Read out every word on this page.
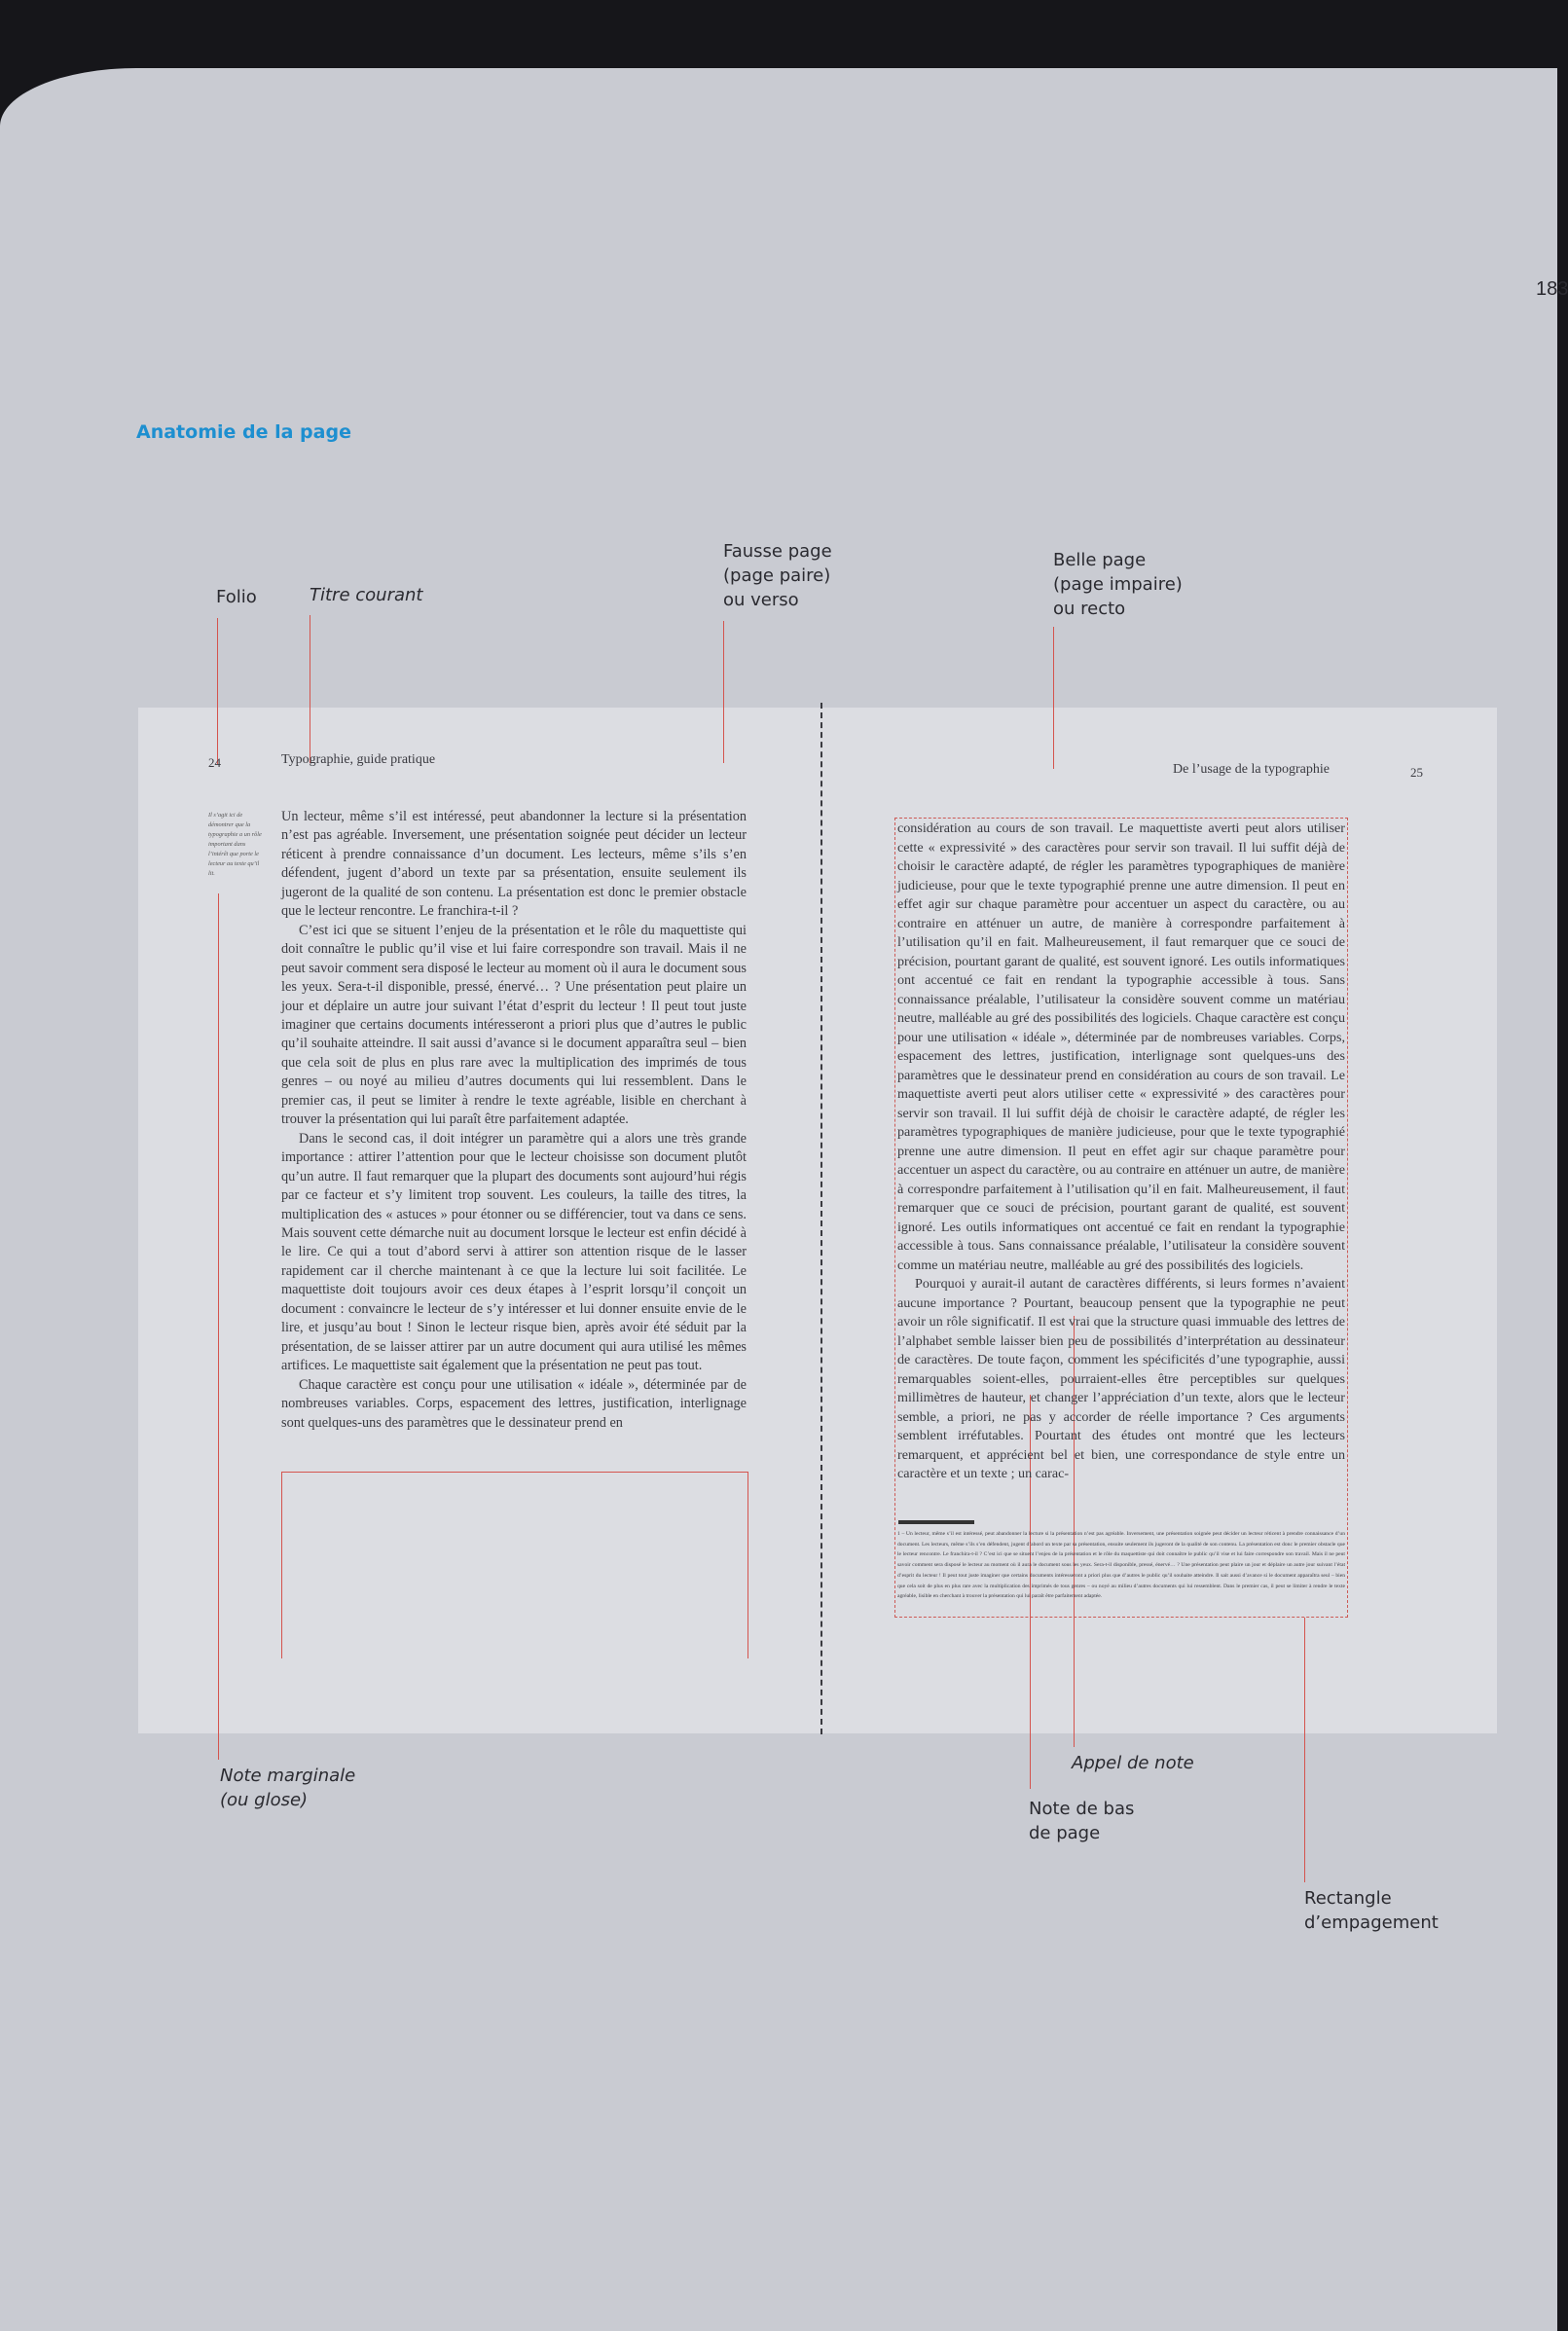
183
Anatomie de la page
Folio	Titre courant
Fausse page
(page paire)
ou verso
Belle page
(page impaire)
ou recto
Note marginale
(ou glose)
Appel de note
Note de bas
de page
Rectangle
d’empagement
24	Typographie, guide pratique
Il s’agit ici de démontrer que la typographie a un rôle important dans l’intérêt que porte le lecteur au texte qu’il lit.

Un lecteur, même s’il est intéressé, peut abandonner la lecture si la présentation n’est pas agréable. Inversement, une présentation soignée peut décider un lecteur réticent à prendre connaissance d’un document. Les lecteurs, même s’ils s’en défendent, jugent d’abord un texte par sa présentation, ensuite seulement ils jugeront de la qualité de son contenu. La présentation est donc le premier obstacle que le lecteur rencontre. Le franchira-t-il ?

C’est ici que se situent l’enjeu de la présentation et le rôle du maquettiste qui doit connaître le public qu’il vise et lui faire correspondre son travail. Mais il ne peut savoir comment sera disposé le lecteur au moment où il aura le document sous les yeux. Sera-t-il disponible, pressé, énervé… ? Une présentation peut plaire un jour et déplaire un autre jour suivant l’état d’esprit du lecteur ! Il peut tout juste imaginer que certains documents intéresseront a priori plus que d’autres le public qu’il souhaite atteindre. Il sait aussi d’avance si le document apparaîtra seul – bien que cela soit de plus en plus rare avec la multiplication des imprimés de tous genres – ou noyé au milieu d’autres documents qui lui ressemblent. Dans le premier cas, il peut se limiter à rendre le texte agréable, lisible en cherchant à trouver la présentation qui lui paraît être parfaitement adaptée.

Dans le second cas, il doit intégrer un paramètre qui a alors une très grande importance : attirer l’attention pour que le lecteur choisisse son document plutôt qu’un autre. Il faut remarquer que la plupart des documents sont aujourd’hui régis par ce facteur et s’y limitent trop souvent. Les couleurs, la taille des titres, la multiplication des « astuces » pour étonner ou se différencier, tout va dans ce sens. Mais souvent cette démarche nuit au document lorsque le lecteur est enfin décidé à le lire. Ce qui a tout d’abord servi à attirer son attention risque de le lasser rapidement car il cherche maintenant à ce que la lecture lui soit facilitée. Le maquettiste doit toujours avoir ces deux étapes à l’esprit lorsqu’il conçoit un document : convaincre le lecteur de s’y intéresser et lui donner ensuite envie de le lire, et jusqu’au bout ! Sinon le lecteur risque bien, après avoir été séduit par la présentation, de se laisser attirer par un autre document qui aura utilisé les mêmes artifices. Le maquettiste sait également que la présentation ne peut pas tout.

Chaque caractère est conçu pour une utilisation « idéale », déterminée par de nombreuses variables. Corps, espacement des lettres, justification, interlignage sont quelques-uns des paramètres que le dessinateur prend en

De l’usage de la typographie	25

considération au cours de son travail. Le maquettiste averti peut alors utiliser cette « expressivité » des caractères pour servir son travail. Il lui suffit déjà de choisir le caractère adapté, de régler les paramètres typographiques de manière judicieuse, pour que le texte typographié prenne une autre dimension. Il peut en effet agir sur chaque paramètre pour accentuer un aspect du caractère, ou au contraire en atténuer un autre, de manière à correspondre parfaitement à l’utilisation qu’il en fait. Malheureusement, il faut remarquer que ce souci de précision, pourtant garant de qualité, est souvent ignoré. Les outils informatiques ont accentué ce fait en rendant la typographie accessible à tous. Sans connaissance préalable, l’utilisateur la considère souvent comme un matériau neutre, malléable au gré des possibilités des logiciels. Chaque caractère est conçu pour une utilisation « idéale », déterminée par de nombreuses variables. Corps, espacement des lettres, justification, interlignage sont quelques-uns des paramètres que le dessinateur prend en considération au cours de son travail. Le maquettiste averti peut alors utiliser cette « expressivité » des caractères pour servir son travail. Il lui suffit déjà de choisir le caractère adapté, de régler les paramètres typographiques de manière judicieuse, pour que le texte typographié prenne une autre dimension. Il peut en effet agir sur chaque paramètre pour accentuer un aspect du caractère, ou au contraire en atténuer un autre, de manière à correspondre parfaitement à l’utilisation qu’il en fait. Malheureusement, il faut remarquer que ce souci de précision, pourtant garant de qualité, est souvent ignoré. Les outils informatiques ont accentué ce fait en rendant la typographie accessible à tous. Sans connaissance préalable, l’utilisateur la considère souvent comme un matériau neutre, malléable au gré des possibilités des logiciels.

Pourquoi y aurait-il autant de caractères différents, si leurs formes n’avaient aucune importance ? Pourtant, beaucoup pensent que la typographie ne peut avoir un rôle significatif. Il est vrai que la structure quasi immuable des lettres de l’alphabet semble laisser bien peu de possibilités d’interprétation au dessinateur de caractères. De toute façon, comment les spécificités d’une typographie, aussi remarquables soient-elles, pourraient-elles être perceptibles sur quelques millimètres de hauteur, et changer l’appréciation d’un texte, alors que le lecteur semble, a priori, ne pas y accorder de réelle importance ? Ces arguments semblent irréfutables. Pourtant des études ont montré que les lecteurs remarquent, et apprécient bel et bien, une correspondance de style entre un caractère et un texte ; un carac-

1 – Un lecteur, même s’il est intéressé, peut abandonner la lecture si la présentation n’est pas agréable. Inversement, une présentation soignée peut décider un lecteur réticent à prendre connaissance d’un document. Les lecteurs, même s’ils s’en défendent, jugent d’abord un texte par sa présentation, ensuite seulement ils jugeront de la qualité de son contenu. La présentation est donc le premier obstacle que le lecteur rencontre. Le franchira-t-il ? C’est ici que se situent l’enjeu de la présentation et le rôle du maquettiste qui doit connaître le public qu’il vise et lui faire correspondre son travail. Mais il ne peut savoir comment sera disposé le lecteur au moment où il aura le document sous les yeux. Sera-t-il disponible, pressé, énervé… ? Une présentation peut plaire un jour et déplaire un autre jour suivant l’état d’esprit du lecteur ! Il peut tout juste imaginer que certains documents intéresseront a priori plus que d’autres le public qu’il souhaite atteindre. Il sait aussi d’avance si le document apparaîtra seul – bien que cela soit de plus en plus rare avec la multiplication des imprimés de tous genres – ou noyé au milieu d’autres documents qui lui ressemblent. Dans le premier cas, il peut se limiter à rendre le texte agréable, lisible en cherchant à trouver la présentation qui lui paraît être parfaitement adaptée.
